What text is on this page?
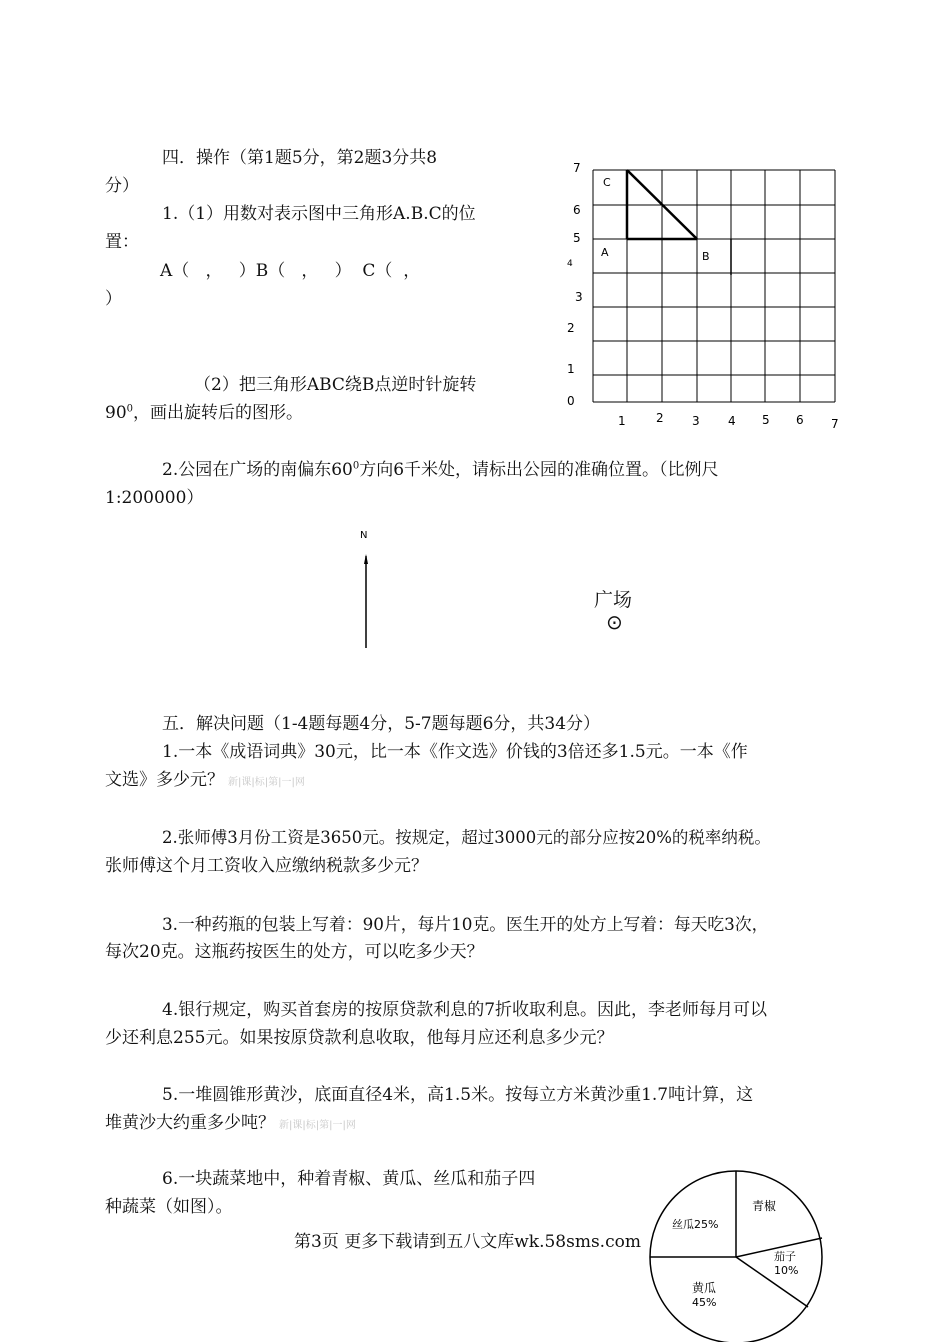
四．操作（第1题5分，第2题3分共8
分）
1.（1）用数对表示图中三角形A.B.C的位
置：
A（   ，   ）B（   ，   ）  C（  ，
）
（2）把三角形ABC绕B点逆时针旋转
$90^0$，画出旋转后的图形。
7
6
5
4
3
2
1
0
1	2 3 4 5 6 7
C
A	B
2.公园在广场的南偏东$60^0$方向6千米处，请标出公园的准确位置。（比例尺
1:200000）
N
广场
⊙
五．解决问题（1-4题每题4分，5-7题每题6分，共34分）
1.一本《成语词典》30元，比一本《作文选》价钱的3倍还多1.5元。一本《作
文选》多少元？ 新|课|标|第|一|网
2.张师傅3月份工资是3650元。按规定，超过3000元的部分应按20%的税率纳税。
张师傅这个月工资收入应缴纳税款多少元？
3.一种药瓶的包装上写着：90片，每片10克。医生开的处方上写着：每天吃3次，
每次20克。这瓶药按医生的处方，可以吃多少天？
4.银行规定，购买首套房的按原贷款利息的7折收取利息。因此，李老师每月可以
少还利息255元。如果按原贷款利息收取，他每月应还利息多少元？
5.一堆圆锥形黄沙，底面直径4米，高1.5米。按每立方米黄沙重1.7吨计算，这
堆黄沙大约重多少吨？ 新|课|标|第|一|网
6.一块蔬菜地中，种着青椒、黄瓜、丝瓜和茄子四
种蔬菜（如图）。	青椒
丝瓜25%
茄子
10%
黄瓜
45%
第3页 更多下载请到五八文库wk.58sms.com
